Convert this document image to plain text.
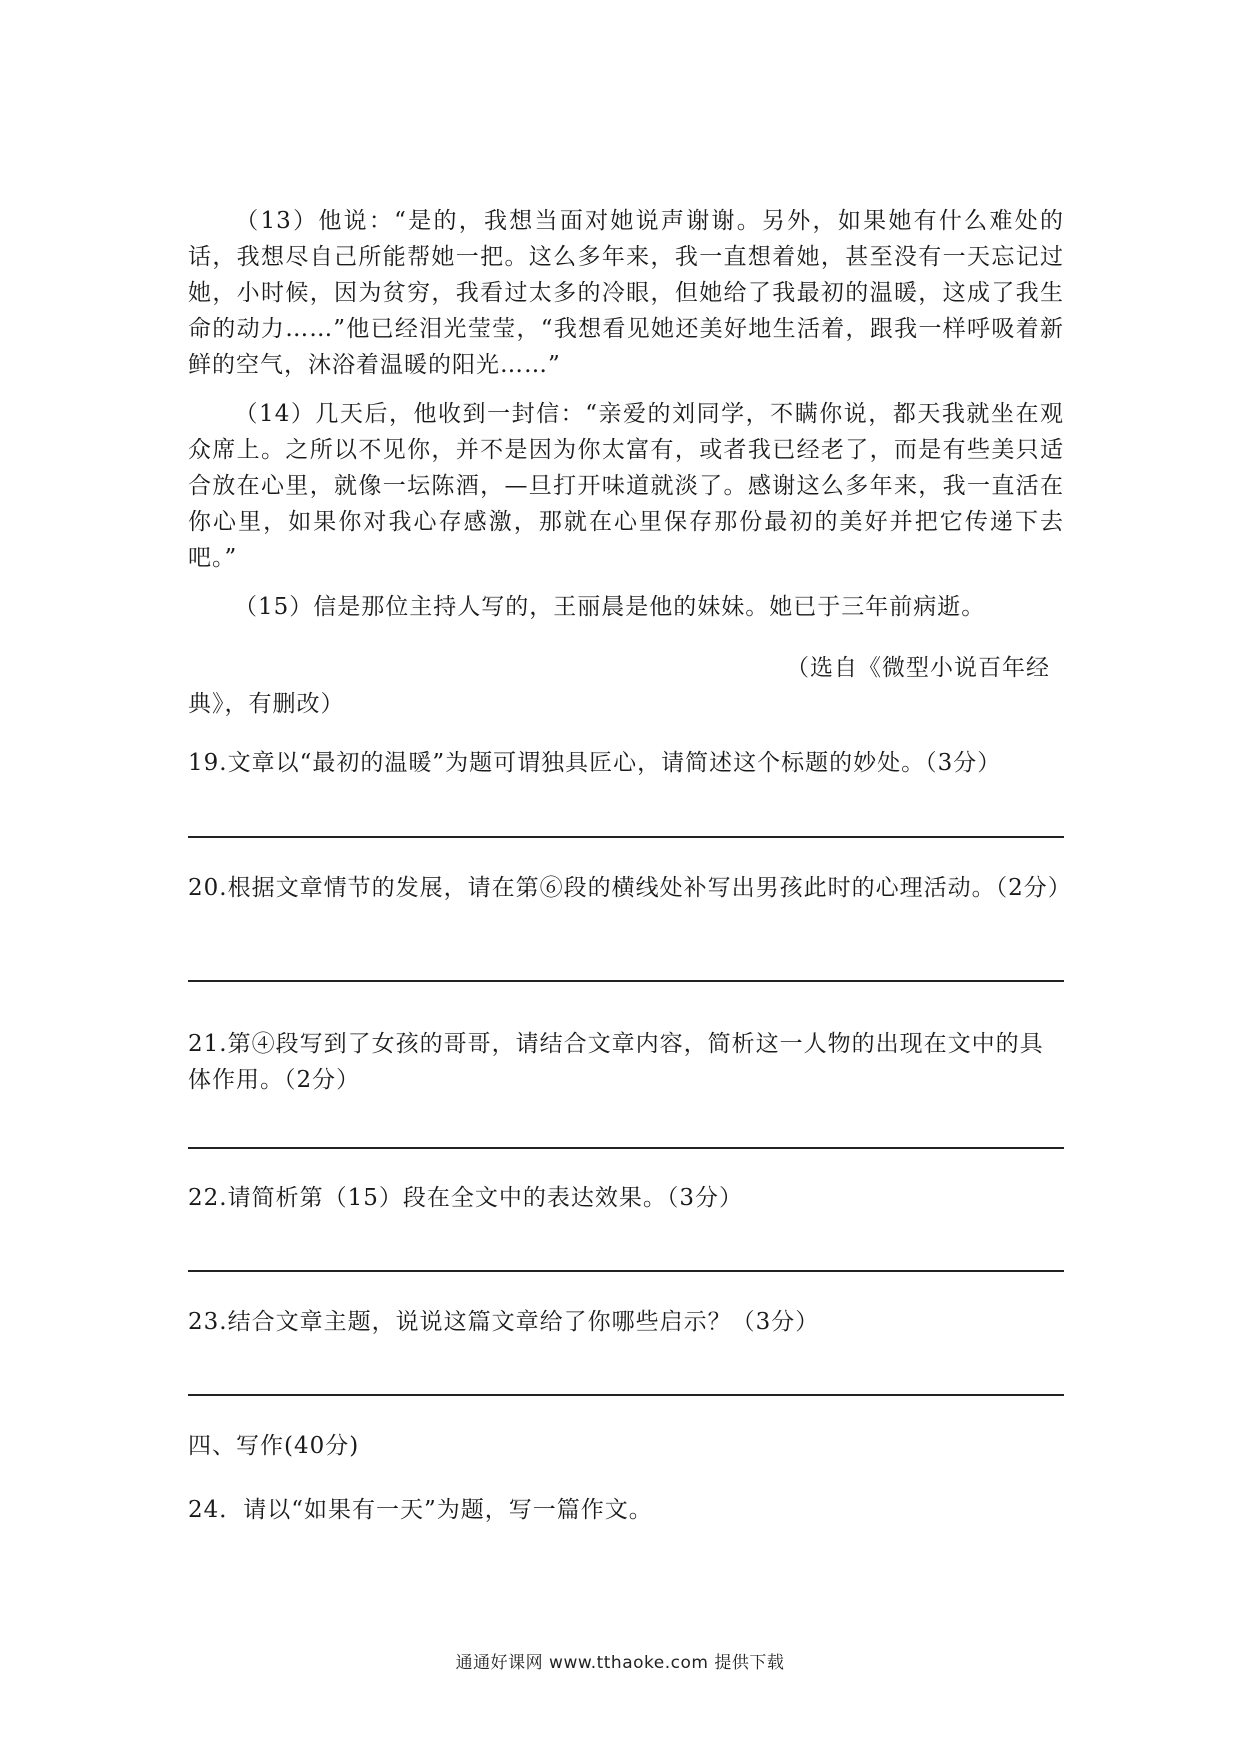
（13）他说：“是的，我想当面对她说声谢谢。另外，如果她有什么难处的话，我想尽自己所能帮她一把。这么多年来，我一直想着她，甚至没有一天忘记过她，小时候，因为贫穷，我看过太多的冷眼，但她给了我最初的温暖，这成了我生命的动力……”他已经泪光莹莹，“我想看见她还美好地生活着，跟我一样呼吸着新鲜的空气，沐浴着温暖的阳光……”

（14）几天后，他收到一封信：“亲爱的刘同学，不瞒你说，都天我就坐在观众席上。之所以不见你，并不是因为你太富有，或者我已经老了，而是有些美只适合放在心里，就像一坛陈酒，—旦打开味道就淡了。感谢这么多年来，我一直活在你心里，如果你对我心存感激，那就在心里保存那份最初的美好并把它传递下去吧。”

（15）信是那位主持人写的，王丽晨是他的妹妹。她已于三年前病逝。

（选自《微型小说百年经
典》，有删改）

19.文章以“最初的温暖”为题可谓独具匠心，请简述这个标题的妙处。（3分）

20.根据文章情节的发展，请在第⑥段的横线处补写出男孩此时的心理活动。（2分）

21.第④段写到了女孩的哥哥，请结合文章内容，简析这一人物的出现在文中的具体作用。（2分）

22.请简析第（15）段在全文中的表达效果。（3分）

23.结合文章主题，说说这篇文章给了你哪些启示？（3分）

四、写作(40分)

24．请以“如果有一天”为题，写一篇作文。

通通好课网 www.tthaoke.com 提供下载
